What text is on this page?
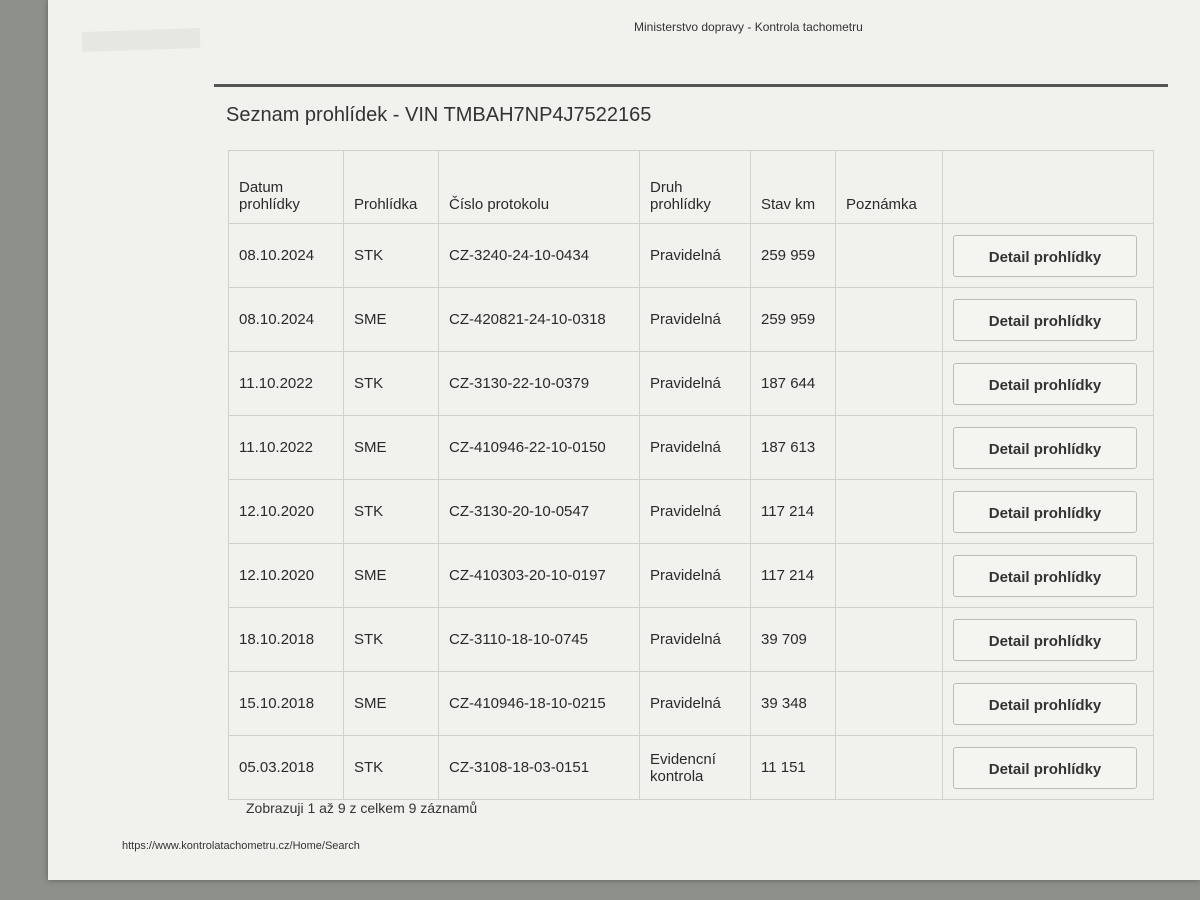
Ministerstvo dopravy - Kontrola tachometru
Seznam prohlídek - VIN TMBAH7NP4J7522165
Datum prohlídky	Prohlídka	Číslo protokolu	Druh prohlídky	Stav km	Poznámka	
08.10.2024	STK	CZ-3240-24-10-0434	Pravidelná	259 959		Detail prohlídky
08.10.2024	SME	CZ-420821-24-10-0318	Pravidelná	259 959		Detail prohlídky
11.10.2022	STK	CZ-3130-22-10-0379	Pravidelná	187 644		Detail prohlídky
11.10.2022	SME	CZ-410946-22-10-0150	Pravidelná	187 613		Detail prohlídky
12.10.2020	STK	CZ-3130-20-10-0547	Pravidelná	117 214		Detail prohlídky
12.10.2020	SME	CZ-410303-20-10-0197	Pravidelná	117 214		Detail prohlídky
18.10.2018	STK	CZ-3110-18-10-0745	Pravidelná	39 709		Detail prohlídky
15.10.2018	SME	CZ-410946-18-10-0215	Pravidelná	39 348		Detail prohlídky
05.03.2018	STK	CZ-3108-18-03-0151	Evidencní kontrola	11 151		Detail prohlídky
Zobrazuji 1 až 9 z celkem 9 záznamů
https://www.kontrolatachometru.cz/Home/Search
